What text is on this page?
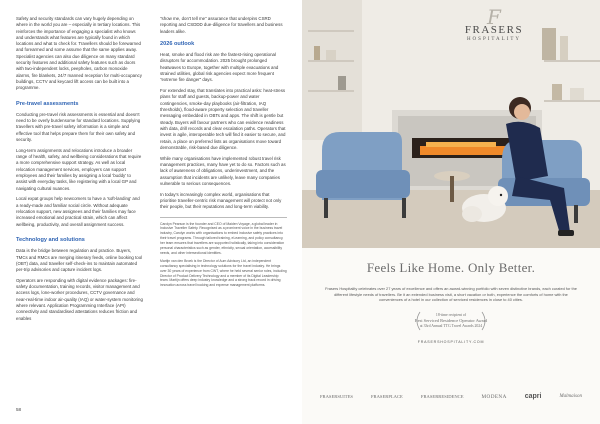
Safety and security standards can vary hugely depending on where in the world you are – especially in tertiary locations. This reinforces the importance of engaging a specialist who knows and understands what features are typically found in which locations and what to check for. Travellers should be forewarned and forearmed and some assume that the same applies away. Specialist agencies can also due diligence on many standard security features and additional safety features such as doors with two-independent locks, peepholes, carbon monoxide alarms, fire blankets, 24/7 manned reception for multi-occupancy buildings, CCTV and keycard lift access can be built into a programme.

Pre-travel assessments

Conducting pre-travel risk assessments is essential and doesn't need to be overly burdensome for standard locations. Supplying travellers with pre-travel safety information is a simple and effective tool that helps prepare them for their own safety and security.

Long-term assignments and relocations introduce a broader range of health, safety, and wellbeing considerations that require a more comprehensive support strategy. As well as local relocation management services, employers can support employees and their families by assigning a local 'buddy' to assist with everyday tasks, like registering with a local GP and navigating cultural nuances.

Local expat groups help newcomers to have a 'soft-landing' and a ready-made and familiar social circle. Without adequate relocation support, new assignees and their families may face increased emotional and practical strain, which can affect wellbeing, productivity, and overall assignment success.

Technology and solutions

Data is the bridge between regulation and practice. Buyers, TMCs and RMCs are merging itinerary feeds, online booking tool (OBT) data, and traveller self-check-ins to maintain automated per-trip advisories and capture incident logs.

Operators are responding with digital evidence packages: fire-safety documentation, training records, visitor management and access logs, lone-worker procedures, CCTV governance and near-real-time indoor air-quality (IAQ) or water-system monitoring where relevant. Application Programming Interface (API) connectivity and standardised attestations reduces friction and enables

"show me, don't tell me" assurance that underpins CSRD reporting and CSDDD due-diligence for travellers and business leaders alike.

2026 outlook

Heat, smoke and flood risk are the fastest-rising operational disruptors for accommodation. 2025 brought prolonged heatwaves to Europe, together with multiple evacuations and strained utilities, global risk agencies expect more frequent "extreme fire danger" days.

For extended stay, that translates into practical asks: heat-stress plans for staff and guests, backup-power and water contingencies, smoke-day playbooks (air-filtration, IAQ thresholds), flood-aware property selection and traveller messaging embedded in OBTs and apps. The shift is gentle but steady. Buyers will favour partners who can evidence readiness with data, drill records and clear escalation paths. Operators that invest in agile, interoperable tech will find it easier to secure, and retain, a place on preferred lists as organisations move toward demonstrable, risk-based due diligence.

While many organisations have implemented robust travel risk management practices, many have yet to do so. Factors such as lack of awareness of obligations, underinvestment, and the assumption that incidents are unlikely, leave many companies vulnerable to serious consequences.

In today's increasingly complex world, organisations that prioritise traveller-centric risk management will protect not only their people, but their reputations and long-term viability.

Carolyn Pearson is the founder and CEO of Maiden Voyage, a global leader in Inclusive Traveller Safety. Recognised as a prominent voice in the business travel industry, Carolyn works with organisations to embed inclusive safety practices into their travel programs. Through tailored training, eLearning, and policy consultancy, her team ensures that travellers are supported holistically, taking into consideration personal characteristics such as gender, ethnicity, sexual orientation, accessibility needs, and other intersectional identities.

Martijn van den Broek is the Director of Aum Advisory Ltd, an independent consultancy specialising in technology solutions for the travel industry. He brings over 30 years of experience from CWT, where he held several senior roles, including Director of Product Delivery Technology and a member of its Digital Leadership team. Martijn offers deep industry knowledge and a strong track record in driving innovation across travel booking and expense management platforms.

58
F
FRASERS
HOSPITALITY
Feels Like Home. Only Better.
Frasers Hospitality celebrates over 27 years of excellence and offers an award-winning portfolio with seven distinctive brands, each curated for the different lifestyle needs of travellers. Be it an extended business visit, a short vacation or both, experience the comforts of home with the conveniences of a hotel in our collection of serviced residences in close to 40 cities.
18-time recipient of
Best Serviced Residence Operator Award
at 33rd Annual TTG Travel Awards 2024
FRASERSHOSPITALITY.COM
FRASERSUITES	FRASERPLACE	FRASERRESIDENCE	MODENA	capri	Malmaison
